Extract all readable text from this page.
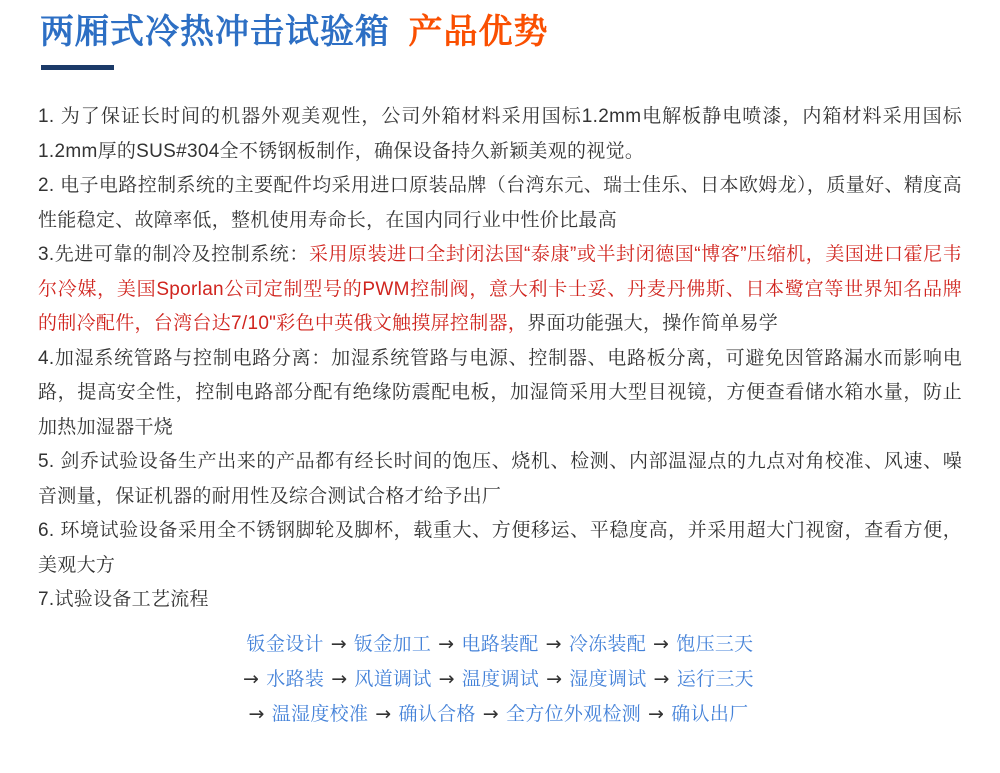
两厢式冷热冲击试验箱 产品优势

1. 为了保证长时间的机器外观美观性，公司外箱材料采用国标1.2mm电解板静电喷漆，内箱材料采用国标1.2mm厚的SUS#304全不锈钢板制作，确保设备持久新颖美观的视觉。

2. 电子电路控制系统的主要配件均采用进口原装品牌（台湾东元、瑞士佳乐、日本欧姆龙），质量好、精度高性能稳定、故障率低，整机使用寿命长，在国内同行业中性价比最高

3.先进可靠的制冷及控制系统：采用原装进口全封闭法国“泰康”或半封闭德国“博客”压缩机，美国进口霍尼韦尔冷媒，美国Sporlan公司定制型号的PWM控制阀，意大利卡士妥、丹麦丹佛斯、日本鹭宫等世界知名品牌的制冷配件，台湾台达7/10"彩色中英俄文触摸屏控制器，界面功能强大，操作简单易学

4.加湿系统管路与控制电路分离：加湿系统管路与电源、控制器、电路板分离，可避免因管路漏水而影响电路，提高安全性，控制电路部分配有绝缘防震配电板，加湿筒采用大型目视镜，方便查看储水箱水量，防止加热加湿器干烧

5. 剑乔试验设备生产出来的产品都有经长时间的饱压、烧机、检测、内部温湿点的九点对角校准、风速、噪音测量，保证机器的耐用性及综合测试合格才给予出厂

6. 环境试验设备采用全不锈钢脚轮及脚杯，载重大、方便移运、平稳度高，并采用超大门视窗，查看方便，美观大方

7.试验设备工艺流程

钣金设计 → 钣金加工 → 电路装配 → 冷冻装配 → 饱压三天
→ 水路装 → 风道调试 → 温度调试 → 湿度调试 → 运行三天
→ 温湿度校准 → 确认合格 → 全方位外观检测 → 确认出厂
